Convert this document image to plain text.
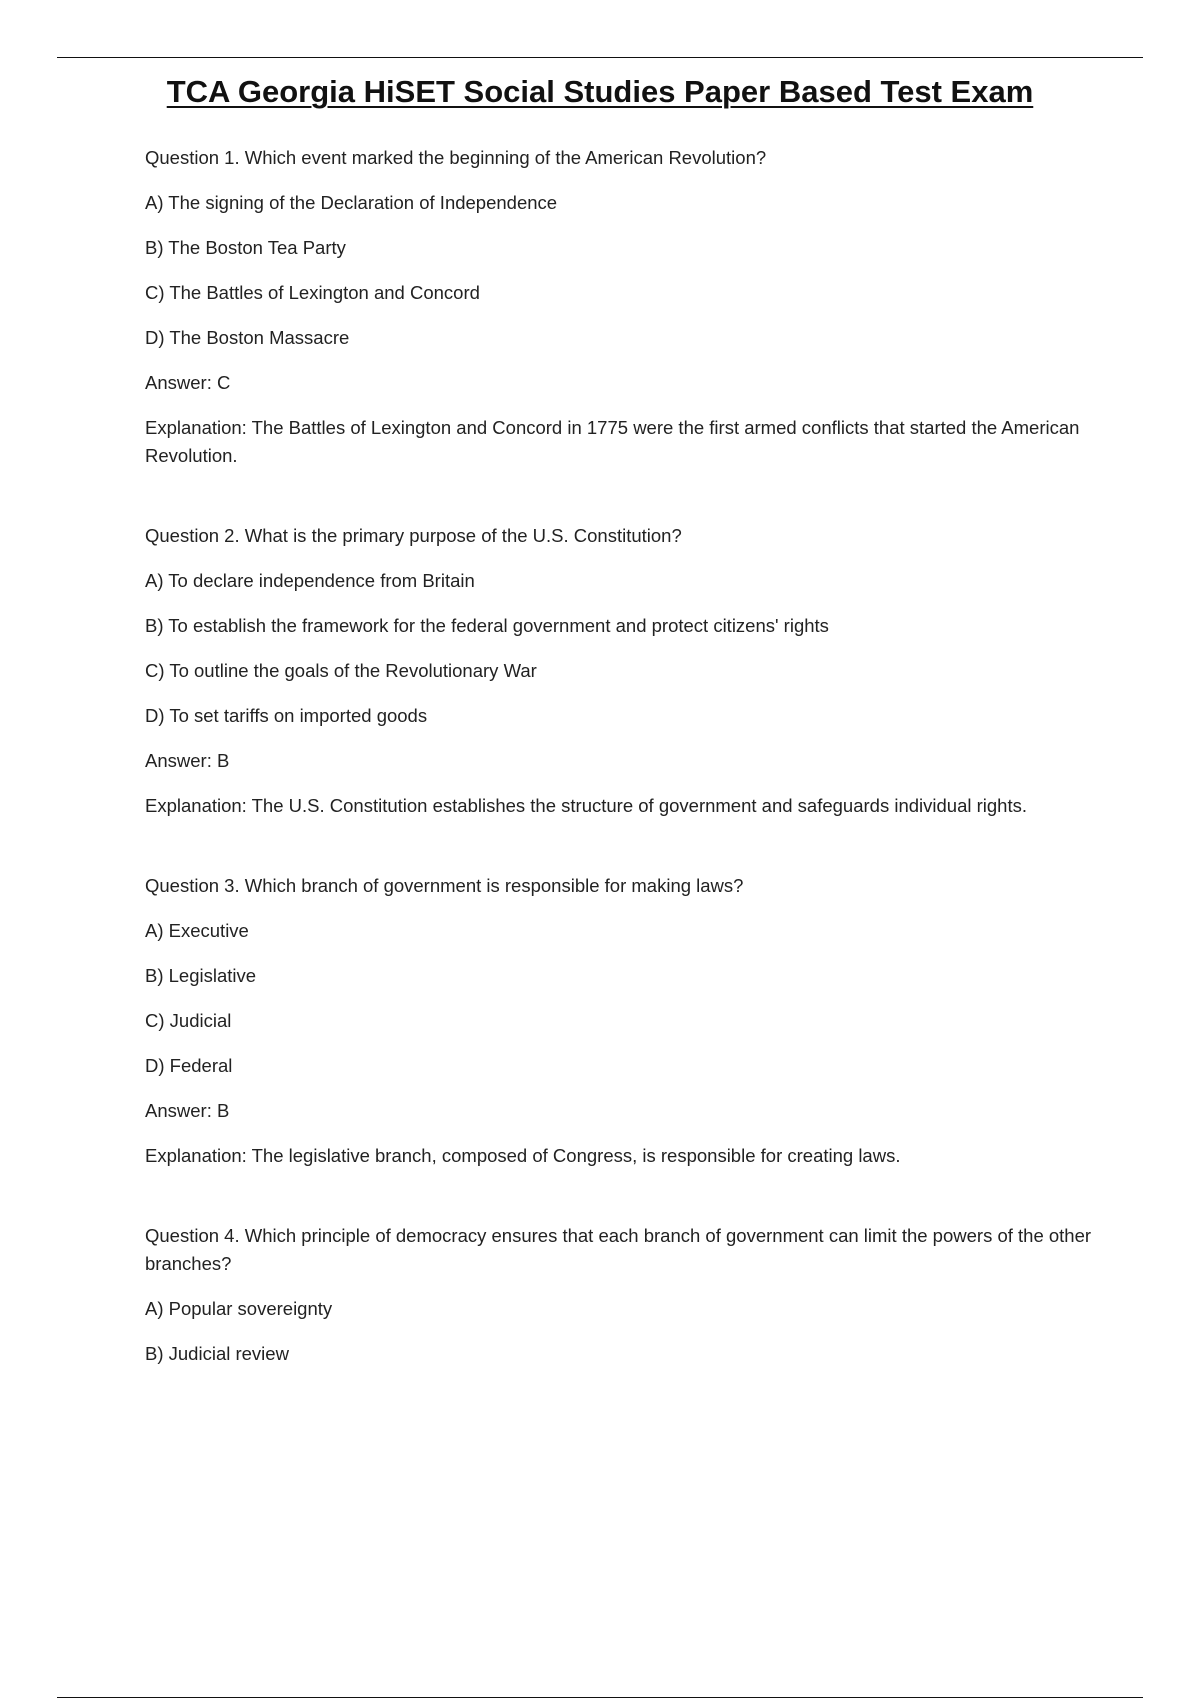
TCA Georgia HiSET Social Studies Paper Based Test Exam

Question 1. Which event marked the beginning of the American Revolution?

A) The signing of the Declaration of Independence

B) The Boston Tea Party

C) The Battles of Lexington and Concord

D) The Boston Massacre

Answer: C

Explanation: The Battles of Lexington and Concord in 1775 were the first armed conflicts that started the American Revolution.

Question 2. What is the primary purpose of the U.S. Constitution?

A) To declare independence from Britain

B) To establish the framework for the federal government and protect citizens' rights

C) To outline the goals of the Revolutionary War

D) To set tariffs on imported goods

Answer: B

Explanation: The U.S. Constitution establishes the structure of government and safeguards individual rights.

Question 3. Which branch of government is responsible for making laws?

A) Executive

B) Legislative

C) Judicial

D) Federal

Answer: B

Explanation: The legislative branch, composed of Congress, is responsible for creating laws.

Question 4. Which principle of democracy ensures that each branch of government can limit the powers of the other branches?

A) Popular sovereignty

B) Judicial review
